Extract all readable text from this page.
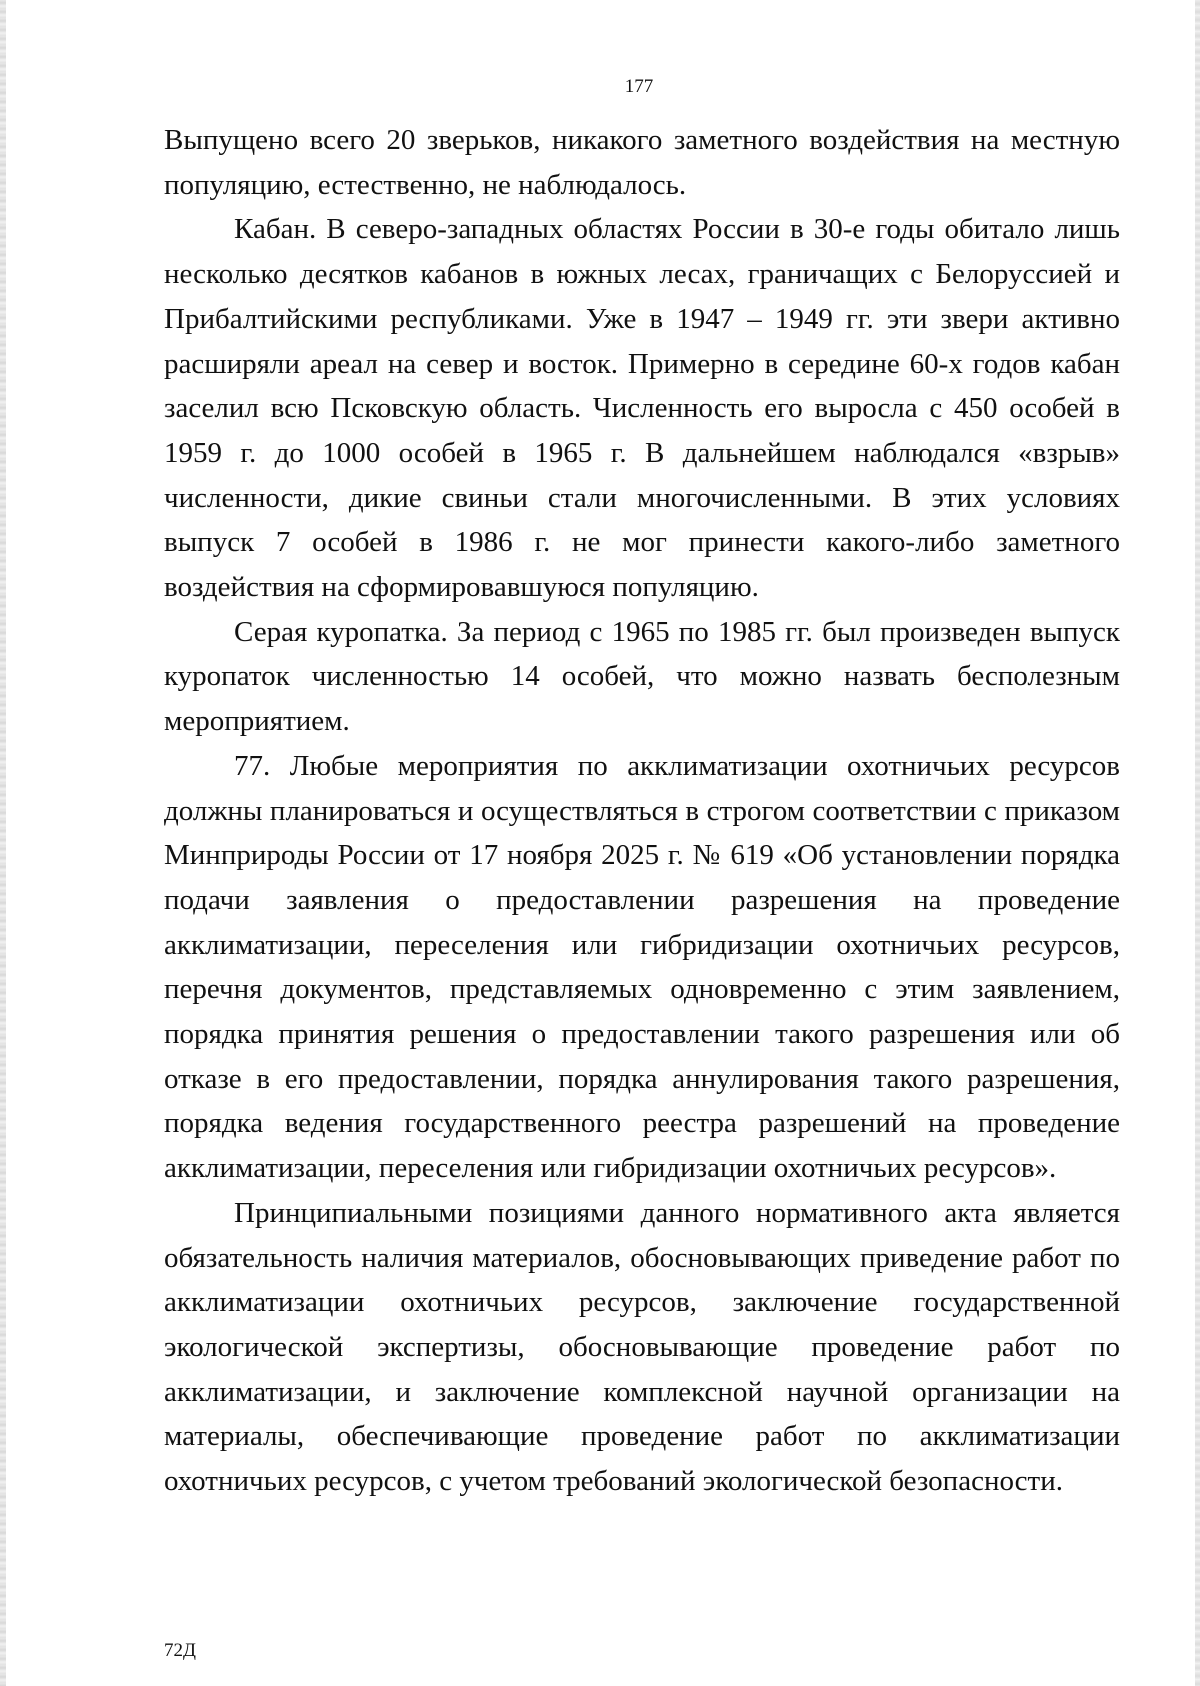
177

Выпущено всего 20 зверьков, никакого заметного воздействия на местную популяцию, естественно, не наблюдалось.

Кабан. В северо-западных областях России в 30-е годы обитало лишь несколько десятков кабанов в южных лесах, граничащих с Белоруссией и Прибалтийскими республиками. Уже в 1947 – 1949 гг. эти звери активно расширяли ареал на север и восток. Примерно в середине 60-х годов кабан заселил всю Псковскую область. Численность его выросла с 450 особей в 1959 г. до 1000 особей в 1965 г. В дальнейшем наблюдался «взрыв» численности, дикие свиньи стали многочисленными. В этих условиях выпуск 7 особей в 1986 г. не мог принести какого-либо заметного воздействия на сформировавшуюся популяцию.

Серая куропатка. За период с 1965 по 1985 гг. был произведен выпуск куропаток численностью 14 особей, что можно назвать бесполезным мероприятием.

77. Любые мероприятия по акклиматизации охотничьих ресурсов должны планироваться и осуществляться в строгом соответствии с приказом Минприроды России от 17 ноября 2025 г. № 619 «Об установлении порядка подачи заявления о предоставлении разрешения на проведение акклиматизации, переселения или гибридизации охотничьих ресурсов, перечня документов, представляемых одновременно с этим заявлением, порядка принятия решения о предоставлении такого разрешения или об отказе в его предоставлении, порядка аннулирования такого разрешения, порядка ведения государственного реестра разрешений на проведение акклиматизации, переселения или гибридизации охотничьих ресурсов».

Принципиальными позициями данного нормативного акта является обязательность наличия материалов, обосновывающих приведение работ по акклиматизации охотничьих ресурсов, заключение государственной экологической экспертизы, обосновывающие проведение работ по акклиматизации, и заключение комплексной научной организации на материалы, обеспечивающие проведение работ по акклиматизации охотничьих ресурсов, с учетом требований экологической безопасности.

72Д
